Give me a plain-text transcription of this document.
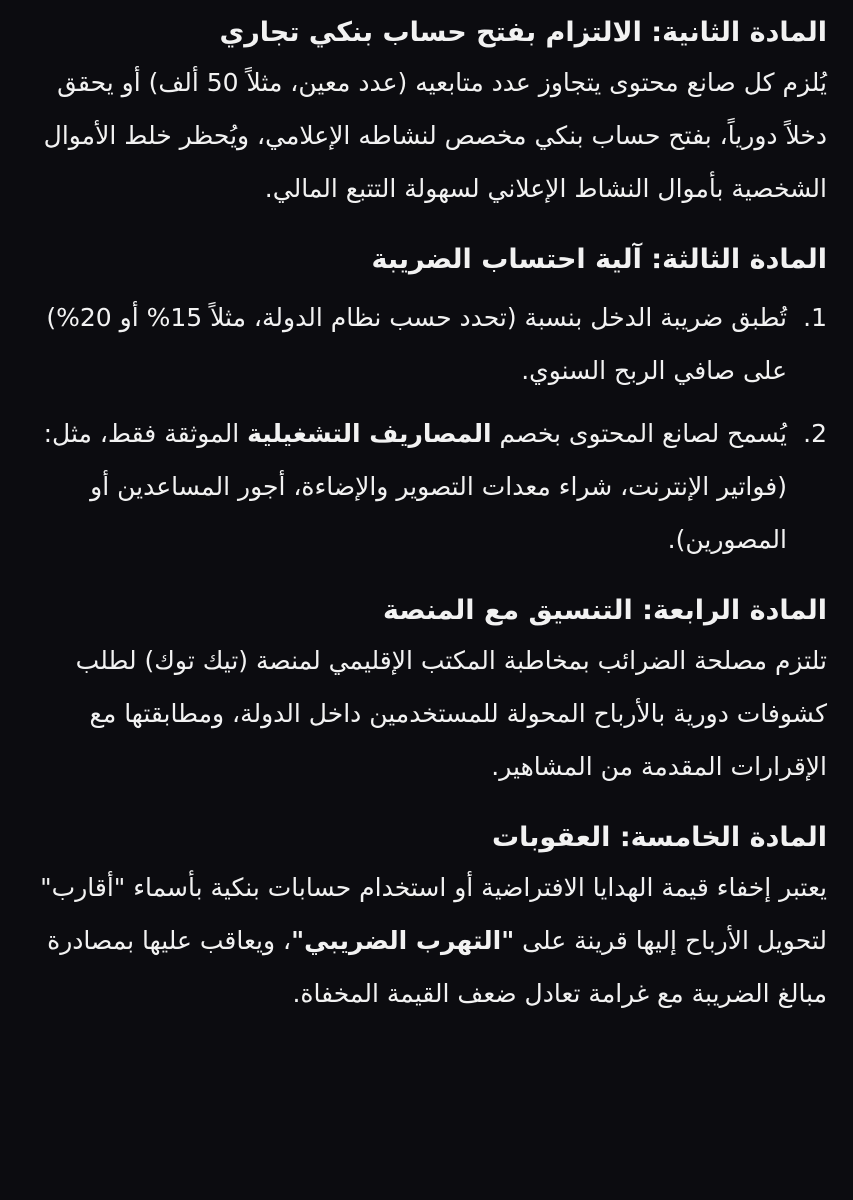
المادة الثانية: الالتزام بفتح حساب بنكي تجاري

يُلزم كل صانع محتوى يتجاوز عدد متابعيه (عدد معين، مثلاً 50 ألف) أو يحقق دخلاً دورياً، بفتح حساب بنكي مخصص لنشاطه الإعلامي، ويُحظر خلط الأموال الشخصية بأموال النشاط الإعلاني لسهولة التتبع المالي.

المادة الثالثة: آلية احتساب الضريبة
1.
تُطبق ضريبة الدخل بنسبة (تحدد حسب نظام الدولة، مثلاً 15% أو 20%) على صافي الربح السنوي.
2.
يُسمح لصانع المحتوى بخصم المصاريف التشغيلية الموثقة فقط، مثل: (فواتير الإنترنت، شراء معدات التصوير والإضاءة، أجور المساعدين أو المصورين).
المادة الرابعة: التنسيق مع المنصة

تلتزم مصلحة الضرائب بمخاطبة المكتب الإقليمي لمنصة (تيك توك) لطلب كشوفات دورية بالأرباح المحولة للمستخدمين داخل الدولة، ومطابقتها مع الإقرارات المقدمة من المشاهير.

المادة الخامسة: العقوبات

يعتبر إخفاء قيمة الهدايا الافتراضية أو استخدام حسابات بنكية بأسماء "أقارب" لتحويل الأرباح إليها قرينة على "التهرب الضريبي"، ويعاقب عليها بمصادرة مبالغ الضريبة مع غرامة تعادل ضعف القيمة المخفاة.
